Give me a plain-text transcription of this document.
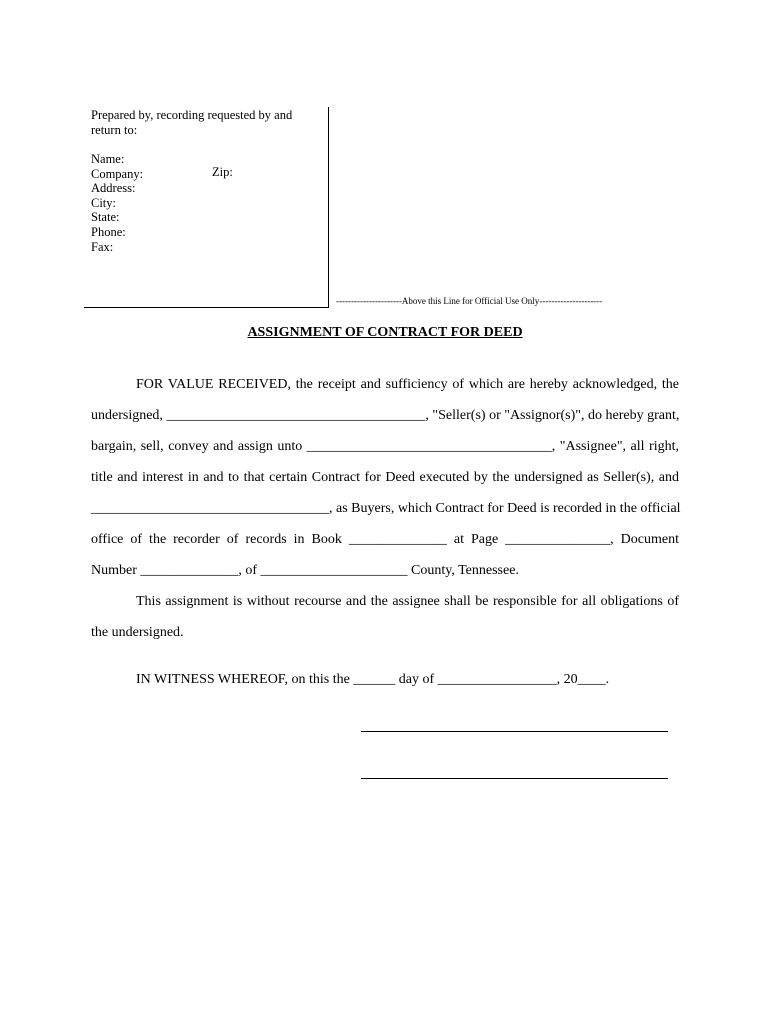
Prepared by, recording requested by and return to:
Name:
Company:
Address:
City:
State:
Phone:
Fax:
Zip:
----------------------Above this Line for Official Use Only---------------------
ASSIGNMENT OF CONTRACT FOR DEED
FOR VALUE RECEIVED, the receipt and sufficiency of which are hereby acknowledged, the
undersigned, _____________________________________, "Seller(s) or "Assignor(s)", do hereby grant,
bargain, sell, convey and assign unto ___________________________________, "Assignee", all right,
title and interest in and to that certain Contract for Deed executed by the undersigned as Seller(s), and
__________________________________, as Buyers, which Contract for Deed is recorded in the official
office of the recorder of records in Book ______________ at Page _______________, Document
Number ______________, of _____________________ County, Tennessee.
This assignment is without recourse and the assignee shall be responsible for all obligations of
the undersigned.
IN WITNESS WHEREOF, on this the ______ day of _________________, 20____.
